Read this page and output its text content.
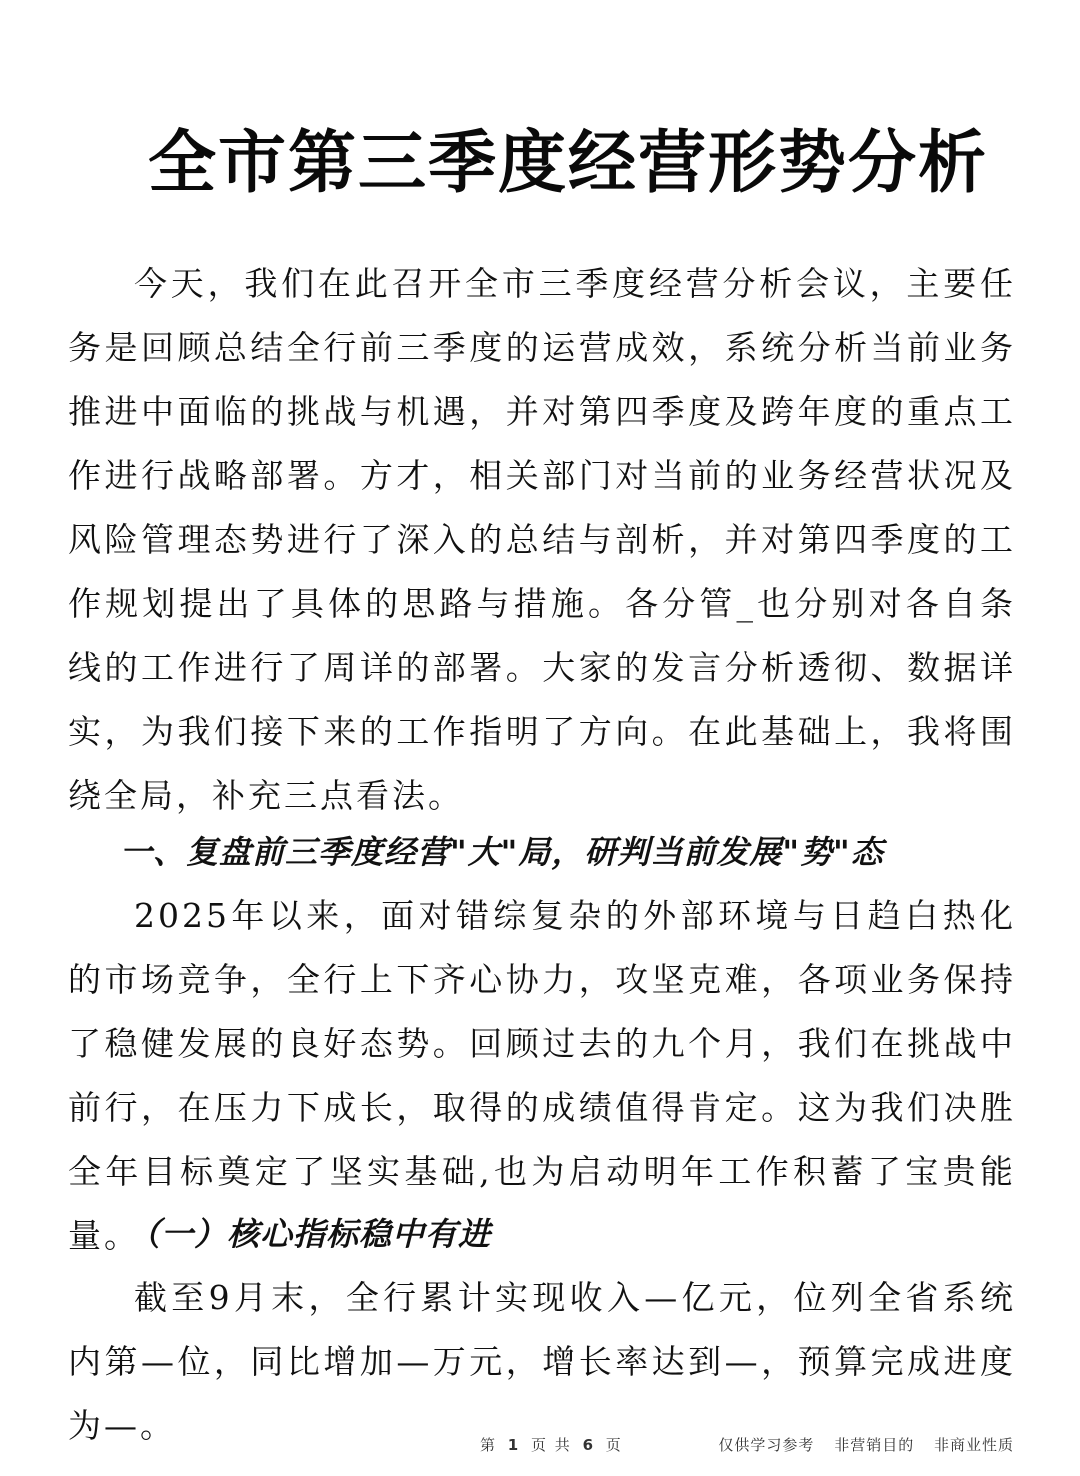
全市第三季度经营形势分析

今天，我们在此召开全市三季度经营分析会议，主要任务是回顾总结全行前三季度的运营成效，系统分析当前业务推进中面临的挑战与机遇，并对第四季度及跨年度的重点工作进行战略部署。方才，相关部门对当前的业务经营状况及风险管理态势进行了深入的总结与剖析，并对第四季度的工作规划提出了具体的思路与措施。各分管_也分别对各自条线的工作进行了周详的部署。大家的发言分析透彻、数据详实，为我们接下来的工作指明了方向。在此基础上，我将围绕全局，补充三点看法。

一、复盘前三季度经营"大"局，研判当前发展"势"态

2025年以来，面对错综复杂的外部环境与日趋白热化的市场竞争，全行上下齐心协力，攻坚克难，各项业务保持了稳健发展的良好态势。回顾过去的九个月，我们在挑战中前行，在压力下成长，取得的成绩值得肯定。这为我们决胜全年目标奠定了坚实基础,也为启动明年工作积蓄了宝贵能量。

（一）核心指标稳中有进

截至9月末，全行累计实现收入—亿元，位列全省系统内第—位，同比增加—万元，增长率达到—，预算完成进度为—。	第 1 页 共 6 页	仅供学习参考 非营销目的 非商业性质
